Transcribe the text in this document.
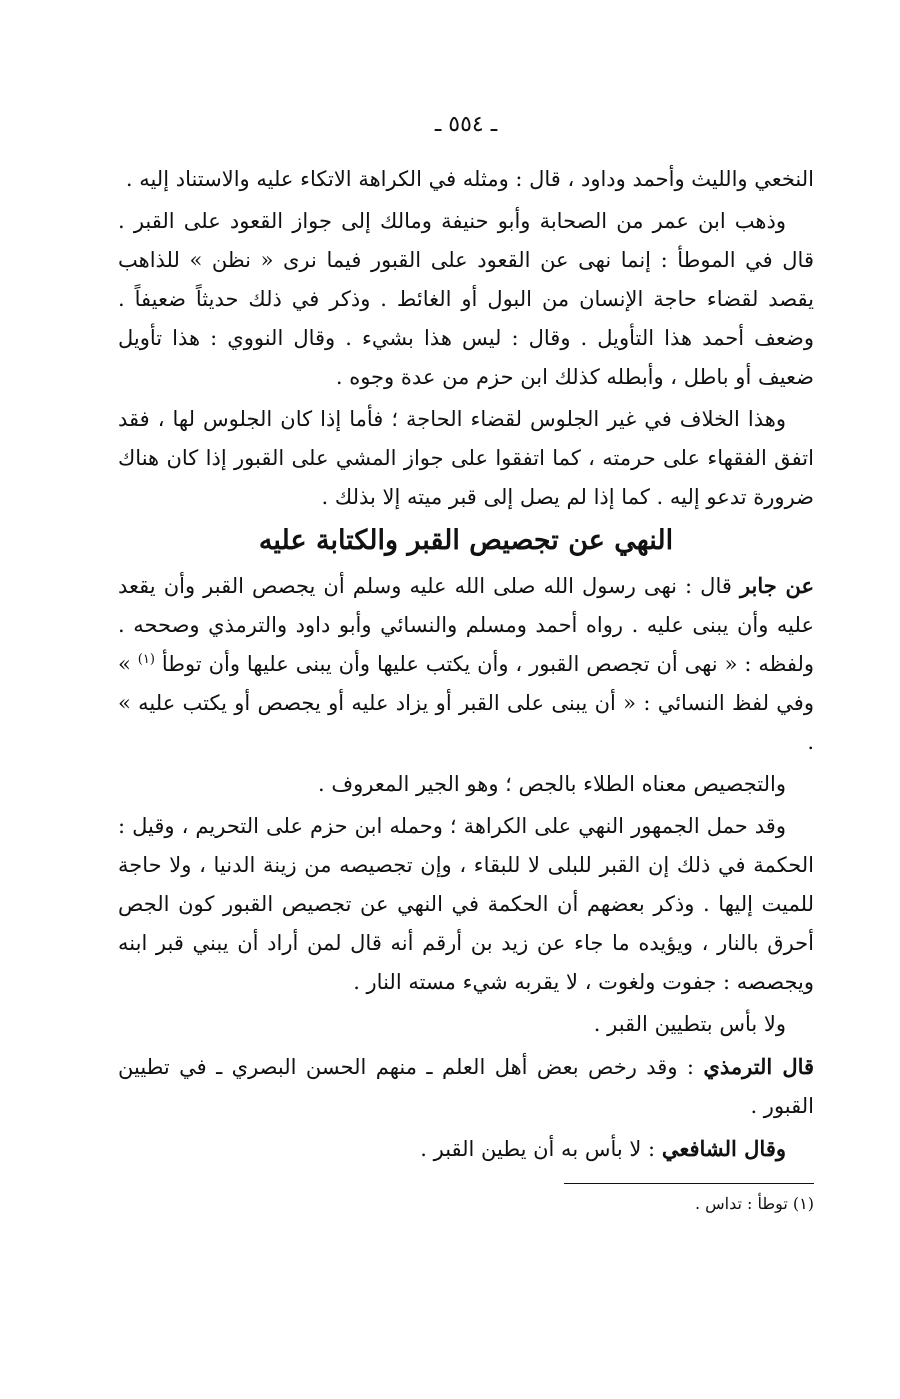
ـ ٥٥٤ ـ

النخعي والليث وأحمد وداود ، قال : ومثله في الكراهة الاتكاء عليه والاستناد إليه .

وذهب ابن عمر من الصحابة وأبو حنيفة ومالك إلى جواز القعود على القبر . قال في الموطأ : إنما نهى عن القعود على القبور فيما نرى « نظن » للذاهب يقصد لقضاء حاجة الإنسان من البول أو الغائط . وذكر في ذلك حديثاً ضعيفاً . وضعف أحمد هذا التأويل . وقال : ليس هذا بشيء . وقال النووي : هذا تأويل ضعيف أو باطل ، وأبطله كذلك ابن حزم من عدة وجوه .

وهذا الخلاف في غير الجلوس لقضاء الحاجة ؛ فأما إذا كان الجلوس لها ، فقد اتفق الفقهاء على حرمته ، كما اتفقوا على جواز المشي على القبور إذا كان هناك ضرورة تدعو إليه . كما إذا لم يصل إلى قبر ميته إلا بذلك .

النهي عن تجصيص القبر والكتابة عليه

عن جابر قال : نهى رسول الله صلى الله عليه وسلم أن يجصص القبر وأن يقعد عليه وأن يبنى عليه . رواه أحمد ومسلم والنسائي وأبو داود والترمذي وصححه . ولفظه : « نهى أن تجصص القبور ، وأن يكتب عليها وأن يبنى عليها وأن توطأ $^{(١)}$ » وفي لفظ النسائي : « أن يبنى على القبر أو يزاد عليه أو يجصص أو يكتب عليه » .

والتجصيص معناه الطلاء بالجص ؛ وهو الجير المعروف .

وقد حمل الجمهور النهي على الكراهة ؛ وحمله ابن حزم على التحريم ، وقيل : الحكمة في ذلك إن القبر للبلى لا للبقاء ، وإن تجصيصه من زينة الدنيا ، ولا حاجة للميت إليها . وذكر بعضهم أن الحكمة في النهي عن تجصيص القبور كون الجص أحرق بالنار ، ويؤيده ما جاء عن زيد بن أرقم أنه قال لمن أراد أن يبني قبر ابنه ويجصصه : جفوت ولغوت ، لا يقربه شيء مسته النار .

ولا بأس بتطيين القبر .

قال الترمذي : وقد رخص بعض أهل العلم ـ منهم الحسن البصري ـ في تطيين القبور .

وقال الشافعي : لا بأس به أن يطين القبر .

(١) توطأ : تداس .
